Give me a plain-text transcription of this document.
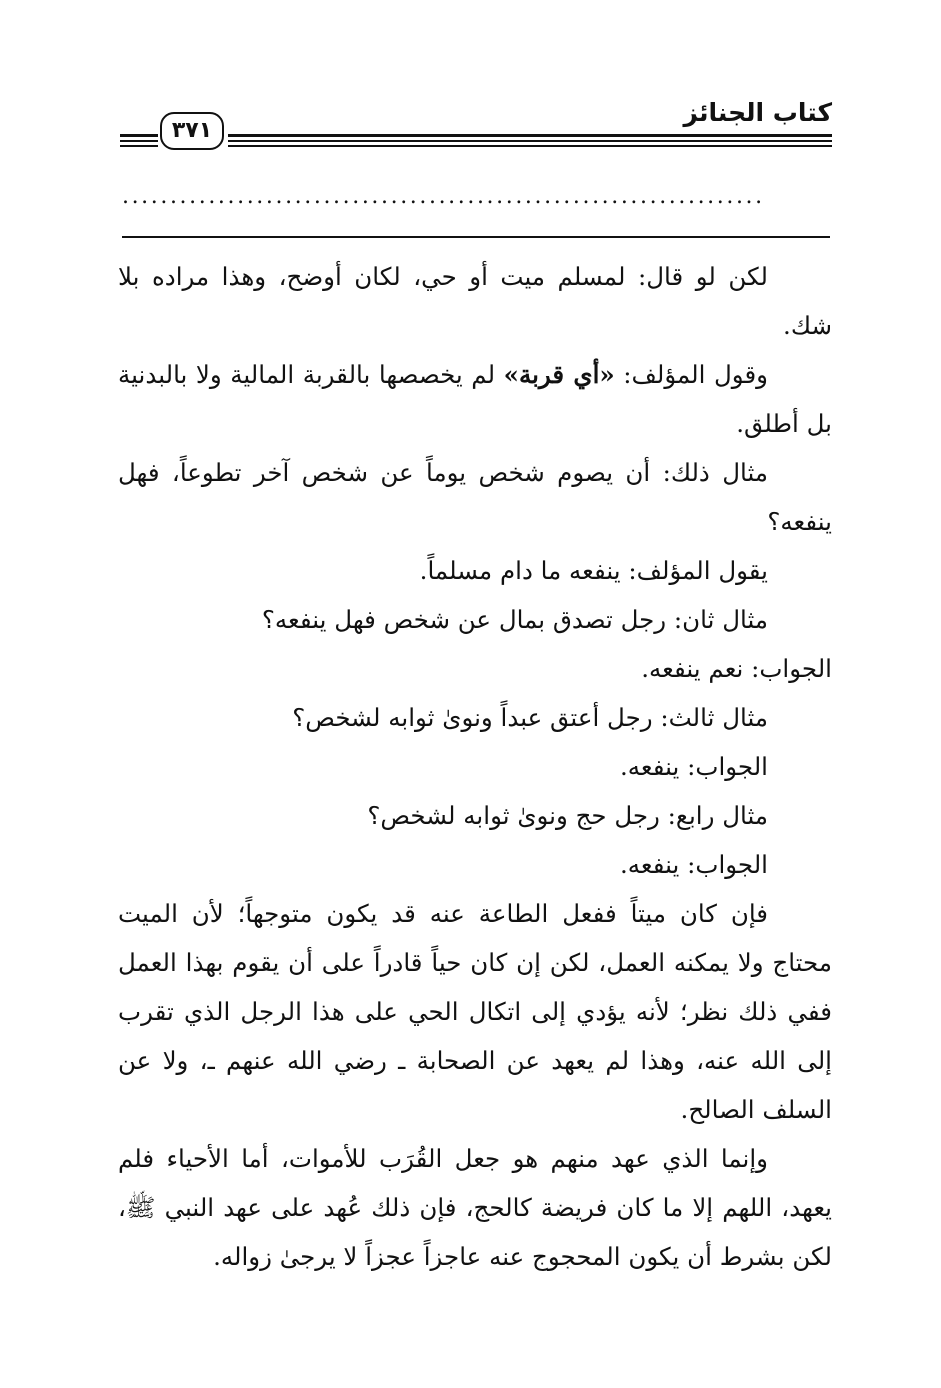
كتاب الجنائز
٣٧١
...................................................................

لكن لو قال: لمسلم ميت أو حي، لكان أوضح، وهذا مراده بلا شك.

وقول المؤلف: «أي قربة» لم يخصصها بالقربة المالية ولا بالبدنية بل أطلق.

مثال ذلك: أن يصوم شخص يوماً عن شخص آخر تطوعاً، فهل ينفعه؟

يقول المؤلف: ينفعه ما دام مسلماً.

مثال ثان: رجل تصدق بمال عن شخص فهل ينفعه؟

الجواب: نعم ينفعه.

مثال ثالث: رجل أعتق عبداً ونوىٰ ثوابه لشخص؟

الجواب: ينفعه.

مثال رابع: رجل حج ونوىٰ ثوابه لشخص؟

الجواب: ينفعه.

فإن كان ميتاً ففعل الطاعة عنه قد يكون متوجهاً؛ لأن الميت محتاج ولا يمكنه العمل، لكن إن كان حياً قادراً على أن يقوم بهذا العمل ففي ذلك نظر؛ لأنه يؤدي إلى اتكال الحي على هذا الرجل الذي تقرب إلى الله عنه، وهذا لم يعهد عن الصحابة ـ رضي الله عنهم ـ، ولا عن السلف الصالح.

وإنما الذي عهد منهم هو جعل القُرَب للأموات، أما الأحياء فلم يعهد، اللهم إلا ما كان فريضة كالحج، فإن ذلك عُهد على عهد النبي ﷺ، لكن بشرط أن يكون المحجوج عنه عاجزاً عجزاً لا يرجىٰ زواله.
